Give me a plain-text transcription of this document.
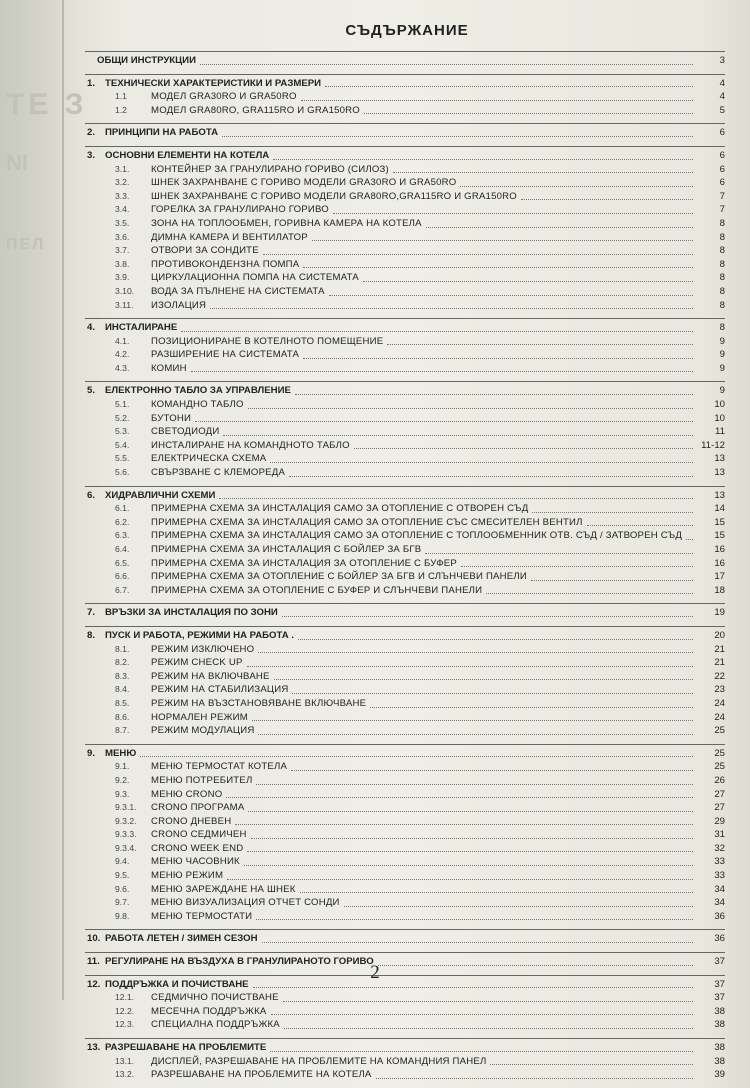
ТЕ З
NI
ПЕЛ
СЪДЪРЖАНИЕ
ОБЩИ ИНСТРУКЦИИ	3
1.	ТЕХНИЧЕСКИ ХАРАКТЕРИСТИКИ И РАЗМЕРИ	4
1.1	МОДЕЛ GRA30RO И GRA50RO	4
1.2	МОДЕЛ GRA80RO, GRA115RO И GRA150RO	5
2.	ПРИНЦИПИ НА РАБОТА	6
3.	ОСНОВНИ ЕЛЕМЕНТИ НА КОТЕЛА	6
3.1.	КОНТЕЙНЕР ЗА ГРАНУЛИРАНО ГОРИВО (СИЛОЗ)	6
3.2.	ШНЕК ЗАХРАНВАНЕ С ГОРИВО МОДЕЛИ GRA30RO И GRA50RO	6
3.3.	ШНЕК ЗАХРАНВАНЕ С ГОРИВО МОДЕЛИ GRA80RO,GRA115RO И GRA150RO	7
3.4.	ГОРЕЛКА ЗА ГРАНУЛИРАНО ГОРИВО	7
3.5.	ЗОНА НА ТОПЛООБМЕН, ГОРИВНА КАМЕРА НА КОТЕЛА	8
3.6.	ДИМНА КАМЕРА И ВЕНТИЛАТОР	8
3.7.	ОТВОРИ ЗА СОНДИТЕ	8
3.8.	ПРОТИВОКОНДЕНЗНА ПОМПА	8
3.9.	ЦИРКУЛАЦИОННА ПОМПА НА СИСТЕМАТА	8
3.10.	ВОДА ЗА ПЪЛНЕНЕ НА СИСТЕМАТА	8
3.11.	ИЗОЛАЦИЯ	8
4.	ИНСТАЛИРАНЕ	8
4.1.	ПОЗИЦИОНИРАНЕ В КОТЕЛНОТО ПОМЕЩЕНИЕ	9
4.2.	РАЗШИРЕНИЕ НА СИСТЕМАТА	9
4.3.	КОМИН	9
5.	ЕЛЕКТРОННО ТАБЛО ЗА УПРАВЛЕНИЕ	9
5.1.	КОМАНДНО ТАБЛО	10
5.2.	БУТОНИ	10
5.3.	СВЕТОДИОДИ	11
5.4.	ИНСТАЛИРАНЕ НА КОМАНДНОТО ТАБЛО	11-12
5.5.	ЕЛЕКТРИЧЕСКА СХЕМА	13
5.6.	СВЪРЗВАНЕ С КЛЕМОРЕДА	13
6.	ХИДРАВЛИЧНИ СХЕМИ	13
6.1.	ПРИМЕРНА СХЕМА ЗА ИНСТАЛАЦИЯ САМО ЗА ОТОПЛЕНИЕ С ОТВОРЕН СЪД	14
6.2.	ПРИМЕРНА СХЕМА ЗА ИНСТАЛАЦИЯ САМО ЗА ОТОПЛЕНИЕ СЪС СМЕСИТЕЛЕН ВЕНТИЛ	15
6.3.	ПРИМЕРНА СХЕМА ЗА ИНСТАЛАЦИЯ САМО ЗА ОТОПЛЕНИЕ С ТОПЛООБМЕННИК ОТВ. СЪД / ЗАТВОРЕН СЪД	15
6.4.	ПРИМЕРНА СХЕМА ЗА ИНСТАЛАЦИЯ С БОЙЛЕР ЗА БГВ	16
6.5.	ПРИМЕРНА СХЕМА ЗА ИНСТАЛАЦИЯ ЗА ОТОПЛЕНИЕ С БУФЕР	16
6.6.	ПРИМЕРНА СХЕМА ЗА ОТОПЛЕНИЕ С БОЙЛЕР ЗА БГВ И СЛЪНЧЕВИ ПАНЕЛИ	17
6.7.	ПРИМЕРНА СХЕМА ЗА ОТОПЛЕНИЕ С БУФЕР И СЛЪНЧЕВИ ПАНЕЛИ	18
7.	ВРЪЗКИ ЗА ИНСТАЛАЦИЯ ПО ЗОНИ	19
8.	ПУСК И РАБОТА, РЕЖИМИ НА РАБОТА .	20
8.1.	РЕЖИМ ИЗКЛЮЧЕНО	21
8.2.	РЕЖИМ CHECK UP	21
8.3.	РЕЖИМ НА ВКЛЮЧВАНЕ	22
8.4.	РЕЖИМ НА СТАБИЛИЗАЦИЯ	23
8.5.	РЕЖИМ НА ВЪЗСТАНОВЯВАНЕ ВКЛЮЧВАНЕ	24
8.6.	НОРМАЛЕН РЕЖИМ	24
8.7.	РЕЖИМ МОДУЛАЦИЯ	25
9.	МЕНЮ	25
9.1.	МЕНЮ ТЕРМОСТАТ КОТЕЛА	25
9.2.	МЕНЮ ПОТРЕБИТЕЛ	26
9.3.	МЕНЮ CRONO	27
9.3.1.	CRONO ПРОГРАМА	27
9.3.2.	CRONO ДНЕВЕН	29
9.3.3.	CRONO СЕДМИЧЕН	31
9.3.4.	CRONO WEEK END	32
9.4.	МЕНЮ ЧАСОВНИК	33
9.5.	МЕНЮ РЕЖИМ	33
9.6.	МЕНЮ ЗАРЕЖДАНЕ НА ШНЕК	34
9.7.	МЕНЮ ВИЗУАЛИЗАЦИЯ ОТЧЕТ СОНДИ	34
9.8.	МЕНЮ ТЕРМОСТАТИ	36
10. РАБОТА ЛЕТЕН / ЗИМЕН СЕЗОН	36
11. РЕГУЛИРАНЕ НА ВЪЗДУХА В ГРАНУЛИРАНОТО ГОРИВО	37
12. ПОДДРЪЖКА И ПОЧИСТВАНЕ	37
12.1.	СЕДМИЧНО ПОЧИСТВАНЕ	37
12.2.	МЕСЕЧНА ПОДДРЪЖКА	38
12.3.	СПЕЦИАЛНА ПОДДРЪЖКА	38
13. РАЗРЕШАВАНЕ НА ПРОБЛЕМИТЕ	38
13.1.	ДИСПЛЕЙ, РАЗРЕШАВАНЕ НА ПРОБЛЕМИТЕ НА КОМАНДНИЯ ПАНЕЛ	38
13.2.	РАЗРЕШАВАНЕ НА ПРОБЛЕМИТЕ НА КОТЕЛА	39
2
